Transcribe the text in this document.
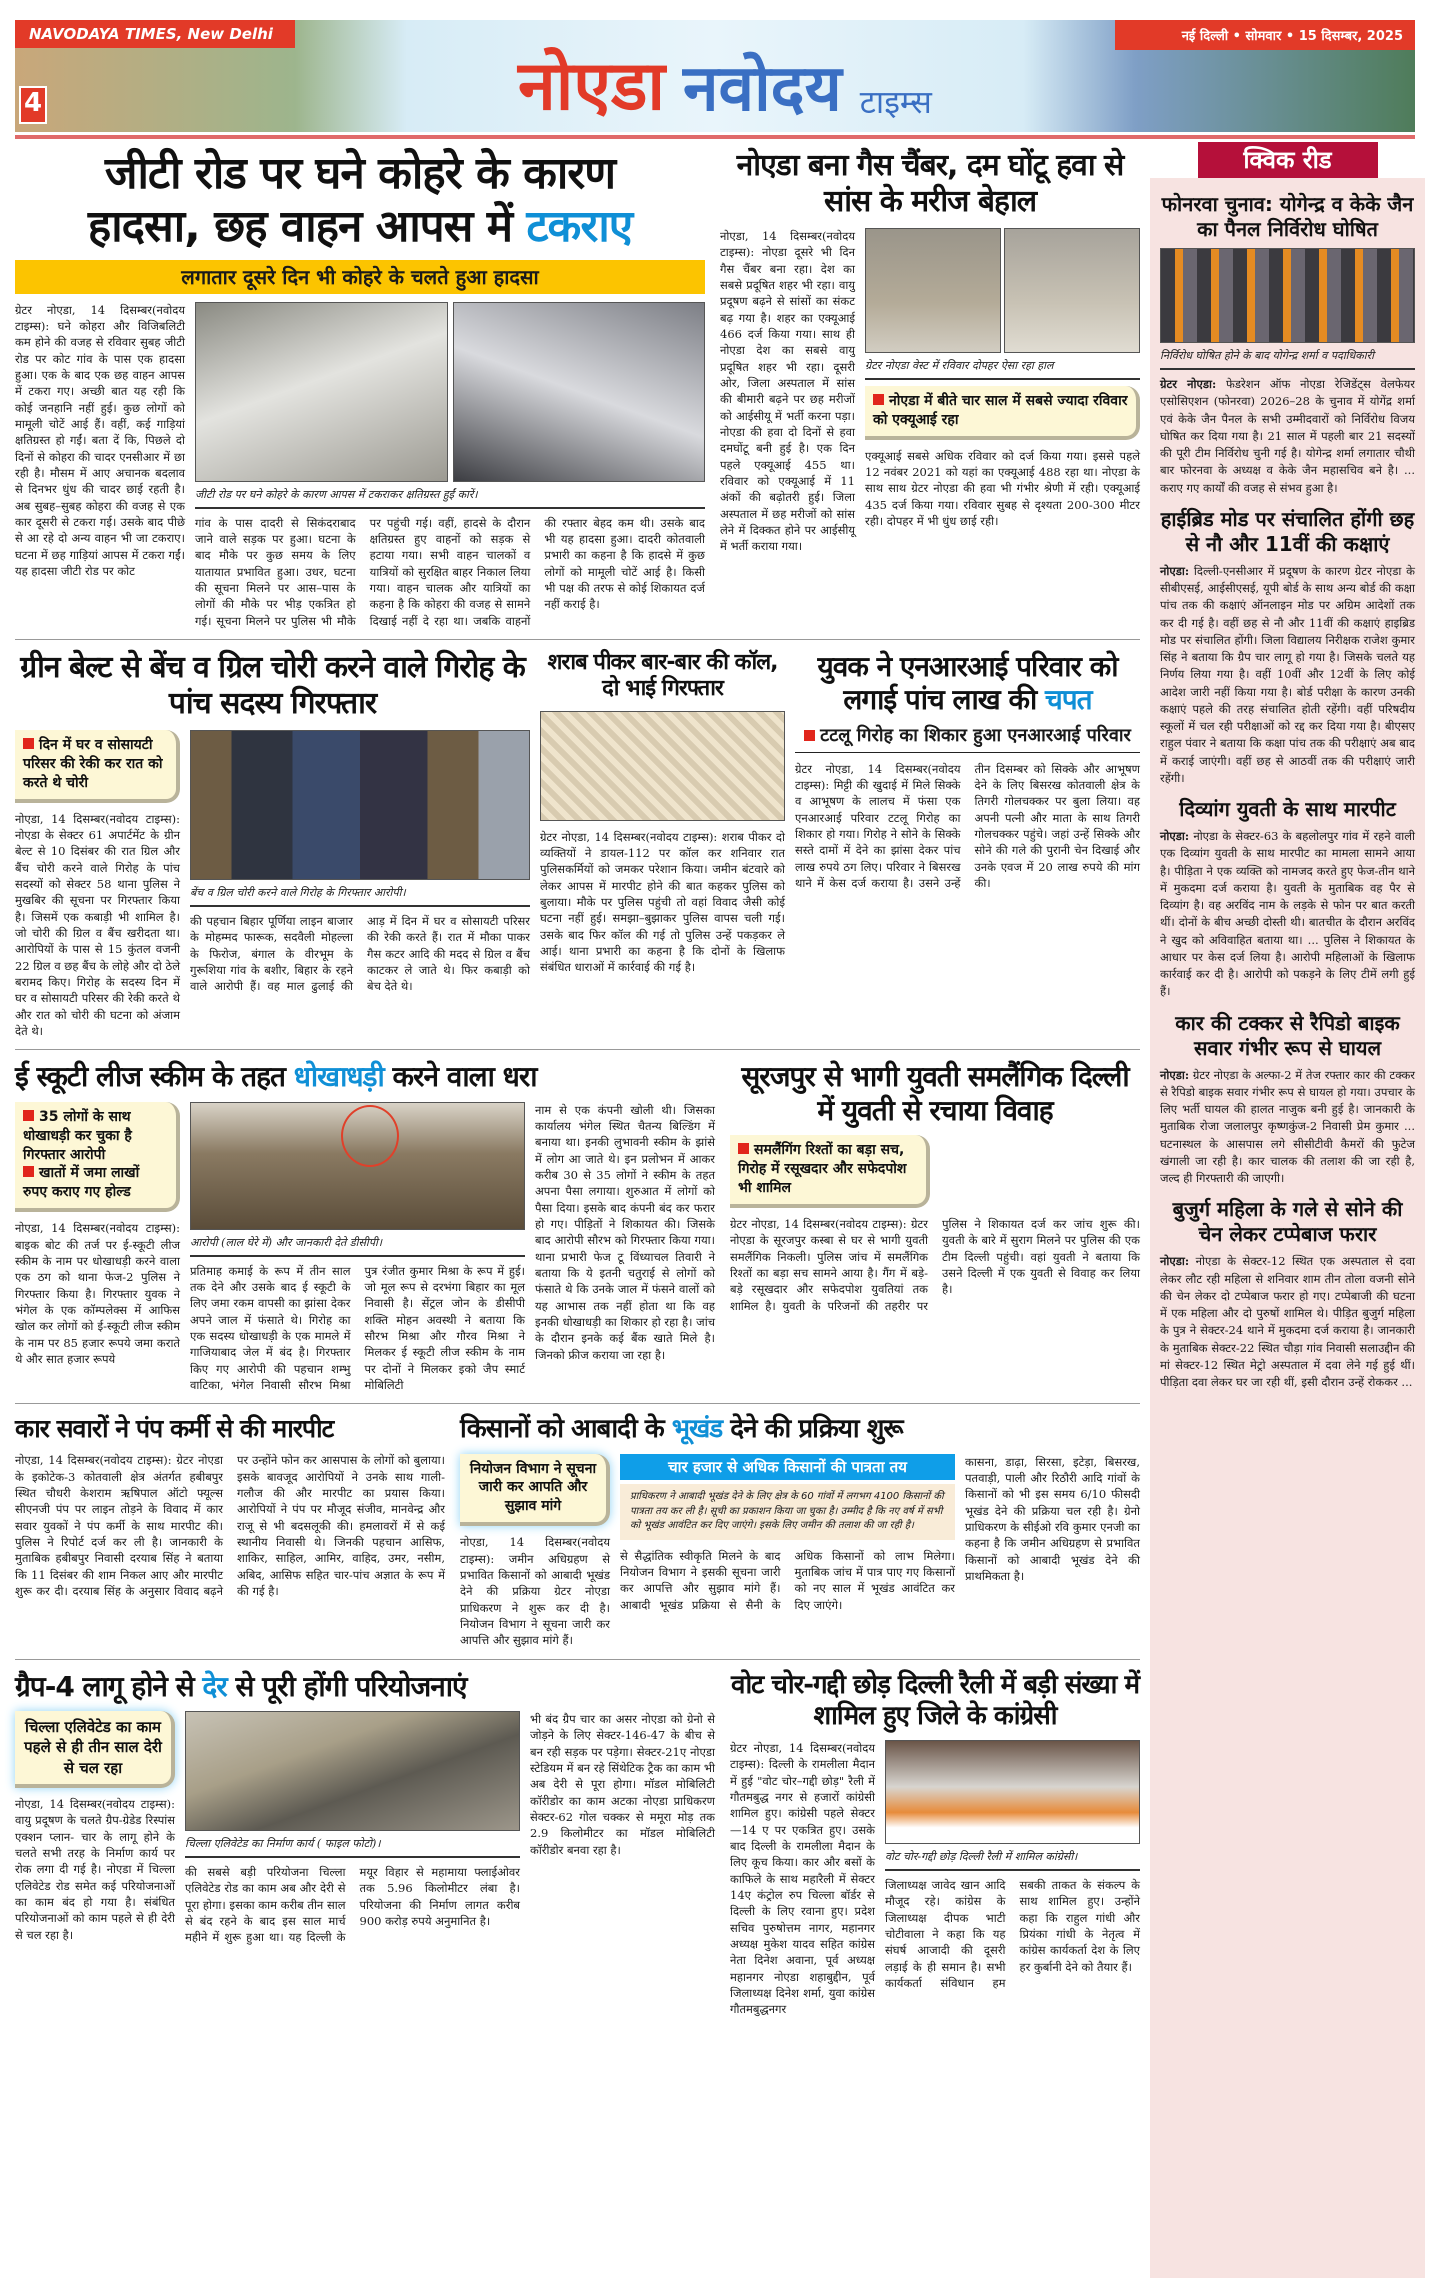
NAVODAYA TIMES, New Delhi
4	नोएडा नवोदय टाइम्स
नई दिल्ली • सोमवार • 15 दिसम्बर, 2025
जीटी रोड पर घने कोहरे के कारण
हादसा, छह वाहन आपस में टकराए
लगातार दूसरे दिन भी कोहरे के चलते हुआ हादसा
ग्रेटर नोएडा, 14 दिसम्बर(नवोदय टाइम्स): घने कोहरा और विजिबलिटी कम होने की वजह से रविवार सुबह जीटी रोड पर कोट गांव के पास एक हादसा हुआ। एक के बाद एक छह वाहन आपस में टकरा गए। अच्छी बात यह रही कि कोई जनहानि नहीं हुई। कुछ लोगों को मामूली चोटें आई हैं। वहीं, कई गाड़ियां क्षतिग्रस्त हो गईं। बता दें कि, पिछले दो दिनों से कोहरा की चादर एनसीआर में छा रही है। मौसम में आए अचानक बदलाव से दिनभर धुंध की चादर छाई रहती है। अब सुबह–सुबह कोहरा की वजह से एक कार दूसरी से टकरा गई। उसके बाद पीछे से आ रहे दो अन्य वाहन भी जा टकराए। घटना में छह गाड़ियां आपस में टकरा गईं। यह हादसा जीटी रोड पर कोट
जीटी रोड पर घने कोहरे के कारण आपस में टकराकर क्षतिग्रस्त हुईं कारें।
गांव के पास दादरी से सिकंदराबाद जाने वाले सड़क पर हुआ। घटना के बाद मौके पर कुछ समय के लिए यातायात प्रभावित हुआ। उधर, घटना की सूचना मिलने पर आस–पास के लोगों की मौके पर भीड़ एकत्रित हो गई। सूचना मिलने पर पुलिस भी मौके पर पहुंची गई। वहीं, हादसे के दौरान क्षतिग्रस्त हुए वाहनों को सड़क से हटाया गया। सभी वाहन चालकों व यात्रियों को सुरक्षित बाहर निकाल लिया गया। वाहन चालक और यात्रियों का कहना है कि कोहरा की वजह से सामने दिखाई नहीं दे रहा था। जबकि वाहनों की रफ्तार बेहद कम थी। उसके बाद भी यह हादसा हुआ। दादरी कोतवाली प्रभारी का कहना है कि हादसे में कुछ लोगों को मामूली चोटें आई है। किसी भी पक्ष की तरफ से कोई शिकायत दर्ज नहीं कराई है।
नोएडा बना गैस चैंबर, दम घोंटू हवा से सांस के मरीज बेहाल
नोएडा, 14 दिसम्बर(नवोदय टाइम्स): नोएडा दूसरे भी दिन गैस चैंबर बना रहा। देश का सबसे प्रदूषित शहर भी रहा। वायु प्रदूषण बढ़ने से सांसों का संकट बढ़ गया है। शहर का एक्यूआई 466 दर्ज किया गया। साथ ही नोएडा देश का सबसे वायु प्रदूषित शहर भी रहा। दूसरी ओर, जिला अस्पताल में सांस की बीमारी बढ़ने पर छह मरीजों को आईसीयू में भर्ती करना पड़ा। नोएडा की हवा दो दिनों से हवा दमघोंटू बनी हुई है। एक दिन पहले एक्यूआई 455 था। रविवार को एक्यूआई में 11 अंकों की बढ़ोतरी हुई। जिला अस्पताल में छह मरीजों को सांस लेने में दिक्कत होने पर आईसीयू में भर्ती कराया गया।
ग्रेटर नोएडा वेस्ट में रविवार दोपहर ऐसा रहा हाल
नोएडा में बीते चार साल में सबसे ज्यादा रविवार को एक्यूआई रहा
एक्यूआई सबसे अधिक रविवार को दर्ज किया गया। इससे पहले 12 नवंबर 2021 को यहां का एक्यूआई 488 रहा था। नोएडा के साथ साथ ग्रेटर नोएडा की हवा भी गंभीर श्रेणी में रही। एक्यूआई 435 दर्ज किया गया। रविवार सुबह से दृश्यता 200-300 मीटर रही। दोपहर में भी धुंध छाई रही।
ग्रीन बेल्ट से बेंच व ग्रिल चोरी करने वाले गिरोह के पांच सदस्य गिरफ्तार
दिन में घर व सोसायटी परिसर की रेकी कर रात को करते थे चोरी
नोएडा, 14 दिसम्बर(नवोदय टाइम्स): नोएडा के सेक्टर 61 अपार्टमेंट के ग्रीन बेल्ट से 10 दिसंबर की रात ग्रिल और बैंच चोरी करने वाले गिरोह के पांच सदस्यों को सेक्टर 58 थाना पुलिस ने मुखबिर की सूचना पर गिरफ्तार किया है। जिसमें एक कबाड़ी भी शामिल है। जो चोरी की ग्रिल व बैंच खरीदता था। आरोपियों के पास से 15 कुंतल वजनी 22 ग्रिल व छह बैंच के लोहे और दो ठेले बरामद किए। गिरोह के सदस्य दिन में घर व सोसायटी परिसर की रेकी करते थे और रात को चोरी की घटना को अंजाम देते थे।
बेंच व ग्रिल चोरी करने वाले गिरोह के गिरफ्तार आरोपी।
की पहचान बिहार पूर्णिया लाइन बाजार के मोहम्मद फारूक, सदवैली मोहल्ला के फिरोज, बंगाल के वीरभूम के गुरूशिया गांव के बशीर, बिहार के रहने वाले आरोपी हैं। वह माल ढुलाई की आड़ में दिन में घर व सोसायटी परिसर की रेकी करते हैं। रात में मौका पाकर गैस कटर आदि की मदद से ग्रिल व बैंच काटकर ले जाते थे। फिर कबाड़ी को बेच देते थे।
शराब पीकर बार-बार की कॉल, दो भाई गिरफ्तार
ग्रेटर नोएडा, 14 दिसम्बर(नवोदय टाइम्स): शराब पीकर दो व्यक्तियों ने डायल-112 पर कॉल कर शनिवार रात पुलिसकर्मियों को जमकर परेशान किया। जमीन बंटवारे को लेकर आपस में मारपीट होने की बात कहकर पुलिस को बुलाया। मौके पर पुलिस पहुंची तो वहां विवाद जैसी कोई घटना नहीं हुई। समझा–बुझाकर पुलिस वापस चली गई। उसके बाद फिर कॉल की गई तो पुलिस उन्हें पकड़कर ले आई। थाना प्रभारी का कहना है कि दोनों के खिलाफ संबंधित धाराओं में कार्रवाई की गई है।
युवक ने एनआरआई परिवार को लगाई पांच लाख की चपत
टटलू गिरोह का शिकार हुआ एनआरआई परिवार
ग्रेटर नोएडा, 14 दिसम्बर(नवोदय टाइम्स): मिट्टी की खुदाई में मिले सिक्के व आभूषण के लालच में फंसा एक एनआरआई परिवार टटलू गिरोह का शिकार हो गया। गिरोह ने सोने के सिक्के सस्ते दामों में देने का झांसा देकर पांच लाख रुपये ठग लिए। परिवार ने बिसरख थाने में केस दर्ज कराया है। उसने उन्हें तीन दिसम्बर को सिक्के और आभूषण देने के लिए बिसरख कोतवाली क्षेत्र के तिगरी गोलचक्कर पर बुला लिया। वह अपनी पत्नी और माता के साथ तिगरी गोलचक्कर पहुंचे। जहां उन्हें सिक्के और सोने की गले की पुरानी चेन दिखाई और उनके एवज में 20 लाख रुपये की मांग की।
ई स्कूटी लीज स्कीम के तहत धोखाधड़ी करने वाला धरा
35 लोगों के साथ धोखाधड़ी कर चुका है गिरफ्तार आरोपी
खातों में जमा लाखों रुपए कराए गए होल्ड
नोएडा, 14 दिसम्बर(नवोदय टाइम्स): बाइक बोट की तर्ज पर ई-स्कूटी लीज स्कीम के नाम पर धोखाधड़ी करने वाला एक ठग को थाना फेज-2 पुलिस ने गिरफ्तार किया है। गिरफ्तार युवक ने भंगेल के एक कॉम्पलेक्स में आफिस खोल कर लोगों को ई-स्कूटी लीज स्कीम के नाम पर 85 हजार रूपये जमा कराते थे और सात हजार रूपये
आरोपी (लाल घेरे में) और जानकारी देते डीसीपी।
प्रतिमाह कमाई के रूप में तीन साल तक देने और उसके बाद ई स्कूटी के लिए जमा रकम वापसी का झांसा देकर अपने जाल में फंसाते थे। गिरोह का एक सदस्य धोखाधड़ी के एक मामले में गाजियाबाद जेल में बंद है। गिरफ्तार किए गए आरोपी की पहचान शम्भु वाटिका, भंगेल निवासी सौरभ मिश्रा पुत्र रंजीत कुमार मिश्रा के रूप में हुई। जो मूल रूप से दरभंगा बिहार का मूल निवासी है। सेंट्रल जोन के डीसीपी शक्ति मोहन अवस्थी ने बताया कि सौरभ मिश्रा और गौरव मिश्रा ने मिलकर ई स्कूटी लीज स्कीम के नाम पर दोनों ने मिलकर इको जैप स्मार्ट मोबिलिटी
नाम से एक कंपनी खोली थी। जिसका कार्यालय भंगेल स्थित चैतन्य बिल्डिंग में बनाया था। इनकी लुभावनी स्कीम के झांसे में लोग आ जाते थे। इन प्रलोभन में आकर करीब 30 से 35 लोगों ने स्कीम के तहत अपना पैसा लगाया। शुरुआत में लोगों को पैसा दिया। इसके बाद कंपनी बंद कर फरार हो गए। पीड़ितों ने शिकायत की। जिसके बाद आरोपी सौरभ को गिरफ्तार किया गया। थाना प्रभारी फेज टू विंध्याचल तिवारी ने बताया कि ये इतनी चतुराई से लोगों को फंसाते थे कि उनके जाल में फंसने वालों को यह आभास तक नहीं होता था कि वह इनकी धोखाधड़ी का शिकार हो रहा है। जांच के दौरान इनके कई बैंक खाते मिले है। जिनको फ्रीज कराया जा रहा है।
सूरजपुर से भागी युवती समलैंगिक दिल्ली में युवती से रचाया विवाह
समलैंगिंग रिश्तों का बड़ा सच, गिरोह में रसूखदार और सफेदपोश भी शामिल
ग्रेटर नोएडा, 14 दिसम्बर(नवोदय टाइम्स): ग्रेटर नोएडा के सूरजपुर कस्बा से घर से भागी युवती समलैंगिक निकली। पुलिस जांच में समलैंगिक रिश्तों का बड़ा सच सामने आया है। गैंग में बड़े-बड़े रसूखदार और सफेदपोश युवतियां तक शामिल है। युवती के परिजनों की तहरीर पर पुलिस ने शिकायत दर्ज कर जांच शुरू की। युवती के बारे में सुराग मिलने पर पुलिस की एक टीम दिल्ली पहुंची। वहां युवती ने बताया कि उसने दिल्ली में एक युवती से विवाह कर लिया है।
कार सवारों ने पंप कर्मी से की मारपीट
नोएडा, 14 दिसम्बर(नवोदय टाइम्स): ग्रेटर नोएडा के इकोटेक-3 कोतवाली क्षेत्र अंतर्गत हबीबपुर स्थित चौधरी केशराम ऋषिपाल ऑटो फ्यूल्स सीएनजी पंप पर लाइन तोड़ने के विवाद में कार सवार युवकों ने पंप कर्मी के साथ मारपीट की। पुलिस ने रिपोर्ट दर्ज कर ली है। जानकारी के मुताबिक हबीबपुर निवासी दरयाब सिंह ने बताया कि 11 दिसंबर की शाम निकल आए और मारपीट शुरू कर दी। दरयाब सिंह के अनुसार विवाद बढ़ने पर उन्होंने फोन कर आसपास के लोगों को बुलाया। इसके बावजूद आरोपियों ने उनके साथ गाली-गलौज की और मारपीट का प्रयास किया। आरोपियों ने पंप पर मौजूद संजीव, मानवेन्द्र और राजू से भी बदसलूकी की। हमलावरों में से कई स्थानीय निवासी थे। जिनकी पहचान आसिफ, शाकिर, साहिल, आमिर, वाहिद, उमर, नसीम, अबिद, आसिफ सहित चार-पांच अज्ञात के रूप में की गई है।
किसानों को आबादी के भूखंड देने की प्रक्रिया शुरू
नियोजन विभाग ने सूचना जारी कर आपति और सुझाव मांगे
नोएडा, 14 दिसम्बर(नवोदय टाइम्स): जमीन अधिग्रहण से प्रभावित किसानों को आबादी भूखंड देने की प्रक्रिया ग्रेटर नोएडा प्राधिकरण ने शुरू कर दी है। नियोजन विभाग ने सूचना जारी कर आपत्ति और सुझाव मांगे हैं।
चार हजार से अधिक किसानों की पात्रता तय
प्राधिकरण ने आबादी भूखंड देने के लिए क्षेत्र के 60 गांवों में लगभग 4100 किसानों की पात्रता तय कर ली है। सूची का प्रकाशन किया जा चुका है। उम्मीद है कि नए वर्ष में सभी को भूखंड आवंटित कर दिए जाएंगे। इसके लिए जमीन की तलाश की जा रही है।
से सैद्धांतिक स्वीकृति मिलने के बाद नियोजन विभाग ने इसकी सूचना जारी कर आपत्ति और सुझाव मांगे हैं। आबादी भूखंड प्रक्रिया से सैनी के अधिक किसानों को लाभ मिलेगा। मुताबिक जांच में पात्र पाए गए किसानों को नए साल में भूखंड आवंटित कर दिए जाएंगे।
कासना, डाढ़ा, सिरसा, इटेड़ा, बिसरख, पतवाड़ी, पाली और रिठौरी आदि गांवों के किसानों को भी इस समय 6/10 फीसदी भूखंड देने की प्रक्रिया चल रही है। ग्रेनो प्राधिकरण के सीईओ रवि कुमार एनजी का कहना है कि जमीन अधिग्रहण से प्रभावित किसानों को आबादी भूखंड देने की प्राथमिकता है।
ग्रैप-4 लागू होने से देर से पूरी होंगी परियोजनाएं
चिल्ला एलिवेटेड का काम पहले से ही तीन साल देरी से चल रहा
नोएडा, 14 दिसम्बर(नवोदय टाइम्स): वायु प्रदूषण के चलते ग्रैप-ग्रेडेड रिस्पांस एक्शन प्लान- चार के लागू होने के चलते सभी तरह के निर्माण कार्य पर रोक लगा दी गई है। नोएडा में चिल्ला एलिवेटेड रोड समेत कई परियोजनाओं का काम बंद हो गया है। संबंधित परियोजनाओं को काम पहले से ही देरी से चल रहा है।
चिल्ला एलिवेटेड का निर्माण कार्य ( फाइल फोटो)।
की सबसे बड़ी परियोजना चिल्ला एलिवेटेड रोड का काम अब और देरी से पूरा होगा। इसका काम करीब तीन साल से बंद रहने के बाद इस साल मार्च महीने में शुरू हुआ था। यह दिल्ली के मयूर विहार से महामाया फ्लाईओवर तक 5.96 किलोमीटर लंबा है। परियोजना की निर्माण लागत करीब 900 करोड़ रुपये अनुमानित है।
भी बंद ग्रैप चार का असर नोएडा को ग्रेनो से जोड़ने के लिए सेक्टर-146-47 के बीच से बन रही सड़क पर पड़ेगा। सेक्टर-21ए नोएडा स्टेडियम में बन रहे सिंथेटिक ट्रैक का काम भी अब देरी से पूरा होगा। मॉडल मोबिलिटी कॉरीडोर का काम अटका नोएडा प्राधिकरण सेक्टर-62 गोल चक्कर से ममूरा मोड़ तक 2.9 किलोमीटर का मॉडल मोबिलिटी कॉरीडोर बनवा रहा है।
वोट चोर-गद्दी छोड़ दिल्ली रैली में बड़ी संख्या में शामिल हुए जिले के कांग्रेसी
ग्रेटर नोएडा, 14 दिसम्बर(नवोदय टाइम्स): दिल्ली के रामलीला मैदान में हुई "वोट चोर–गद्दी छोड़" रैली में गौतमबुद्ध नगर से हजारों कांग्रेसी शामिल हुए। कांग्रेसी पहले सेक्टर—14 ए पर एकत्रित हुए। उसके बाद दिल्ली के रामलीला मैदान के लिए कूच किया। कार और बसों के काफिले के साथ महारैली में सेक्टर 14ए कंट्रोल रुप चिल्ला बॉर्डर से दिल्ली के लिए रवाना हुए। प्रदेश सचिव पुरुषोत्तम नागर, महानगर अध्यक्ष मुकेश यादव सहित कांग्रेस नेता दिनेश अवाना, पूर्व अध्यक्ष महानगर नोएडा शहाबुद्दीन, पूर्व जिलाध्यक्ष दिनेश शर्मा, युवा कांग्रेस गौतमबुद्धनगर
वोट चोर-गद्दी छोड़ दिल्ली रैली में शामिल कांग्रेसी।
जिलाध्यक्ष जावेद खान आदि मौजूद रहे। कांग्रेस के जिलाध्यक्ष दीपक भाटी चोटीवाला ने कहा कि यह संघर्ष आजादी की दूसरी लड़ाई के ही समान है। सभी कार्यकर्ता संविधान हम सबकी ताकत के संकल्प के साथ शामिल हुए। उन्होंने कहा कि राहुल गांधी और प्रियंका गांधी के नेतृत्व में कांग्रेस कार्यकर्ता देश के लिए हर कुर्बानी देने को तैयार हैं।
क्विक रीड
फोनरवा चुनाव: योगेन्द्र व केके जैन का पैनल निर्विरोध घोषित
निर्विरोध घोषित होने के बाद योगेन्द्र शर्मा व पदाधिकारी
ग्रेटर नोएडा: फेडरेशन ऑफ नोएडा रेजिडेंट्स वेलफेयर एसोसिएशन (फोनरवा) 2026–28 के चुनाव में योगेंद्र शर्मा एवं केके जैन पैनल के सभी उम्मीदवारों को निर्विरोध विजय घोषित कर दिया गया है। 21 साल में पहली बार 21 सदस्यों की पूरी टीम निर्विरोध चुनी गई है। योगेन्द्र शर्मा लगातार चौथी बार फोरनवा के अध्यक्ष व केके जैन महासचिव बने है। ... कराए गए कार्यों की वजह से संभव हुआ है।
हाईब्रिड मोड पर संचालित होंगी छह से नौ और 11वीं की कक्षाएं
नोएडा: दिल्ली-एनसीआर में प्रदूषण के कारण ग्रेटर नोएडा के सीबीएसई, आईसीएसई, यूपी बोर्ड के साथ अन्य बोर्ड की कक्षा पांच तक की कक्षाएं ऑनलाइन मोड पर अग्रिम आदेशों तक कर दी गई है। वहीं छह से नौ और 11वीं की कक्षाएं हाइब्रिड मोड पर संचालित होंगी। जिला विद्यालय निरीक्षक राजेश कुमार सिंह ने बताया कि ग्रैप चार लागू हो गया है। जिसके चलते यह निर्णय लिया गया है। वहीं 10वीं और 12वीं के लिए कोई आदेश जारी नहीं किया गया है। बोर्ड परीक्षा के कारण उनकी कक्षाएं पहले की तरह संचालित होती रहेंगी। वहीं परिषदीय स्कूलों में चल रही परीक्षाओं को रद्द कर दिया गया है। बीएसए राहुल पंवार ने बताया कि कक्षा पांच तक की परीक्षाएं अब बाद में कराई जाएंगी। वहीं छह से आठवीं तक की परीक्षाएं जारी रहेंगी।
दिव्यांग युवती के साथ मारपीट
नोएडा: नोएडा के सेक्टर-63 के बहलोलपुर गांव में रहने वाली एक दिव्यांग युवती के साथ मारपीट का मामला सामने आया है। पीड़िता ने एक व्यक्ति को नामजद करते हुए फेज-तीन थाने में मुकदमा दर्ज कराया है। युवती के मुताबिक वह पैर से दिव्यांग है। वह अरविंद नाम के लड़के से फोन पर बात करती थीं। दोनों के बीच अच्छी दोस्ती थी। बातचीत के दौरान अरविंद ने खुद को अविवाहित बताया था। ... पुलिस ने शिकायत के आधार पर केस दर्ज लिया है। आरोपी महिलाओं के खिलाफ कार्रवाई कर दी है। आरोपी को पकड़ने के लिए टीमें लगी हुई हैं।
कार की टक्कर से रैपिडो बाइक सवार गंभीर रूप से घायल
नोएडा: ग्रेटर नोएडा के अल्फा-2 में तेज रफ्तार कार की टक्कर से रैपिडो बाइक सवार गंभीर रूप से घायल हो गया। उपचार के लिए भर्ती घायल की हालत नाजुक बनी हुई है। जानकारी के मुताबिक रोजा जलालपुर कृष्णकुंज-2 निवासी प्रेम कुमार ... घटनास्थल के आसपास लगे सीसीटीवी कैमरों की फुटेज खंगाली जा रही है। कार चालक की तलाश की जा रही है, जल्द ही गिरफ्तारी की जाएगी।
बुजुर्ग महिला के गले से सोने की चेन लेकर टप्पेबाज फरार
नोएडा: नोएडा के सेक्टर-12 स्थित एक अस्पताल से दवा लेकर लौट रही महिला से शनिवार शाम तीन तोला वजनी सोने की चेन लेकर दो टप्पेबाज फरार हो गए। टप्पेबाजी की घटना में एक महिला और दो पुरुषों शामिल थे। पीड़ित बुजुर्ग महिला के पुत्र ने सेक्टर-24 थाने में मुकदमा दर्ज कराया है। जानकारी के मुताबिक सेक्टर-22 स्थित चौड़ा गांव निवासी सलाउद्दीन की मां सेक्टर-12 स्थित मेट्रो अस्पताल में दवा लेने गई हुई थीं। पीड़िता दवा लेकर घर जा रही थीं, इसी दौरान उन्हें रोककर ...
